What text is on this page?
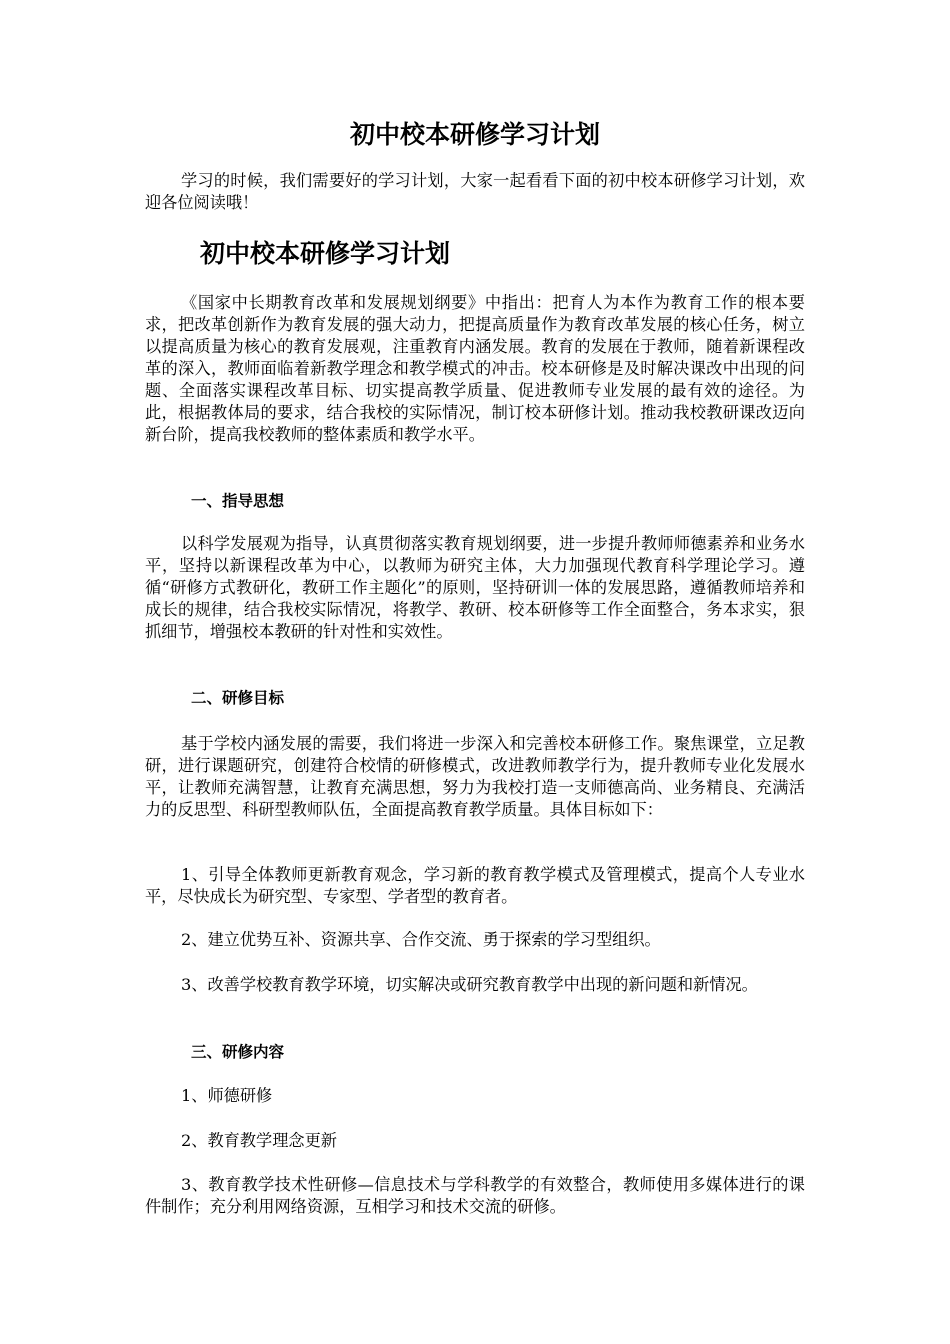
初中校本研修学习计划

学习的时候，我们需要好的学习计划，大家一起看看下面的初中校本研修学习计划，欢迎各位阅读哦！

初中校本研修学习计划

《国家中长期教育改革和发展规划纲要》中指出：把育人为本作为教育工作的根本要求，把改革创新作为教育发展的强大动力，把提高质量作为教育改革发展的核心任务，树立以提高质量为核心的教育发展观，注重教育内涵发展。教育的发展在于教师，随着新课程改革的深入，教师面临着新教学理念和教学模式的冲击。校本研修是及时解决课改中出现的问题、全面落实课程改革目标、切实提高教学质量、促进教师专业发展的最有效的途径。为此，根据教体局的要求，结合我校的实际情况，制订校本研修计划。推动我校教研课改迈向新台阶，提高我校教师的整体素质和教学水平。

一、指导思想

以科学发展观为指导，认真贯彻落实教育规划纲要，进一步提升教师师德素养和业务水平，坚持以新课程改革为中心，以教师为研究主体，大力加强现代教育科学理论学习。遵循“研修方式教研化，教研工作主题化”的原则，坚持研训一体的发展思路，遵循教师培养和成长的规律，结合我校实际情况，将教学、教研、校本研修等工作全面整合，务本求实，狠抓细节，增强校本教研的针对性和实效性。

二、研修目标

基于学校内涵发展的需要，我们将进一步深入和完善校本研修工作。聚焦课堂，立足教研，进行课题研究，创建符合校情的研修模式，改进教师教学行为，提升教师专业化发展水平，让教师充满智慧，让教育充满思想，努力为我校打造一支师德高尚、业务精良、充满活力的反思型、科研型教师队伍，全面提高教育教学质量。具体目标如下：

1、引导全体教师更新教育观念，学习新的教育教学模式及管理模式，提高个人专业水平，尽快成长为研究型、专家型、学者型的教育者。

2、建立优势互补、资源共享、合作交流、勇于探索的学习型组织。

3、改善学校教育教学环境，切实解决或研究教育教学中出现的新问题和新情况。

三、研修内容

1、师德研修

2、教育教学理念更新

3、教育教学技术性研修—信息技术与学科教学的有效整合，教师使用多媒体进行的课件制作；充分利用网络资源，互相学习和技术交流的研修。
